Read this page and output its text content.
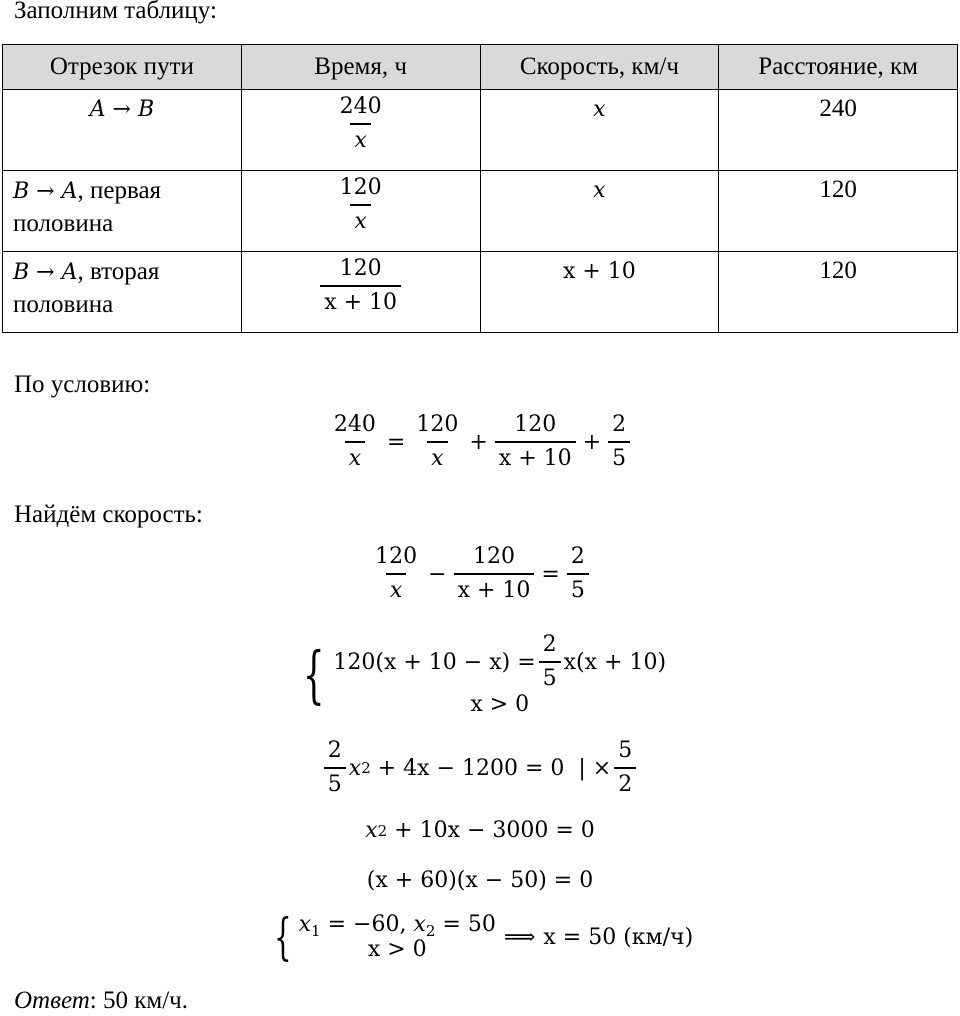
Заполним таблицу:
Отрезок пути	Время, ч	Скорость, км/ч	Расстояние, км
A → B	$\frac{240}{x}$	x	240
B → A, первая половина	$\frac{120}{x}$	x	120
B → A, вторая половина	$\frac{120}{x + 10}$	x + 10	120
По условию:
$\frac{240}{x} = \frac{120}{x} + \frac{120}{x + 10} + \frac{2}{5}$
Найдём скорость:
$\frac{120}{x} - \frac{120}{x + 10} = \frac{2}{5}$
{ $120(x + 10 - x) = \frac{2}{5} x(x + 10)$
x > 0
$\frac{2}{5}$ x 2 + 4x − 1200 = 0  | × $\frac{5}{2}$
x 2 + 10x − 3000 = 0
(x + 60)(x − 50) = 0
{ $x_1 = -60$, $x_2 = 50$
x > 0	⟹ x = 50 (км/ч)
Ответ: 50 км/ч.
